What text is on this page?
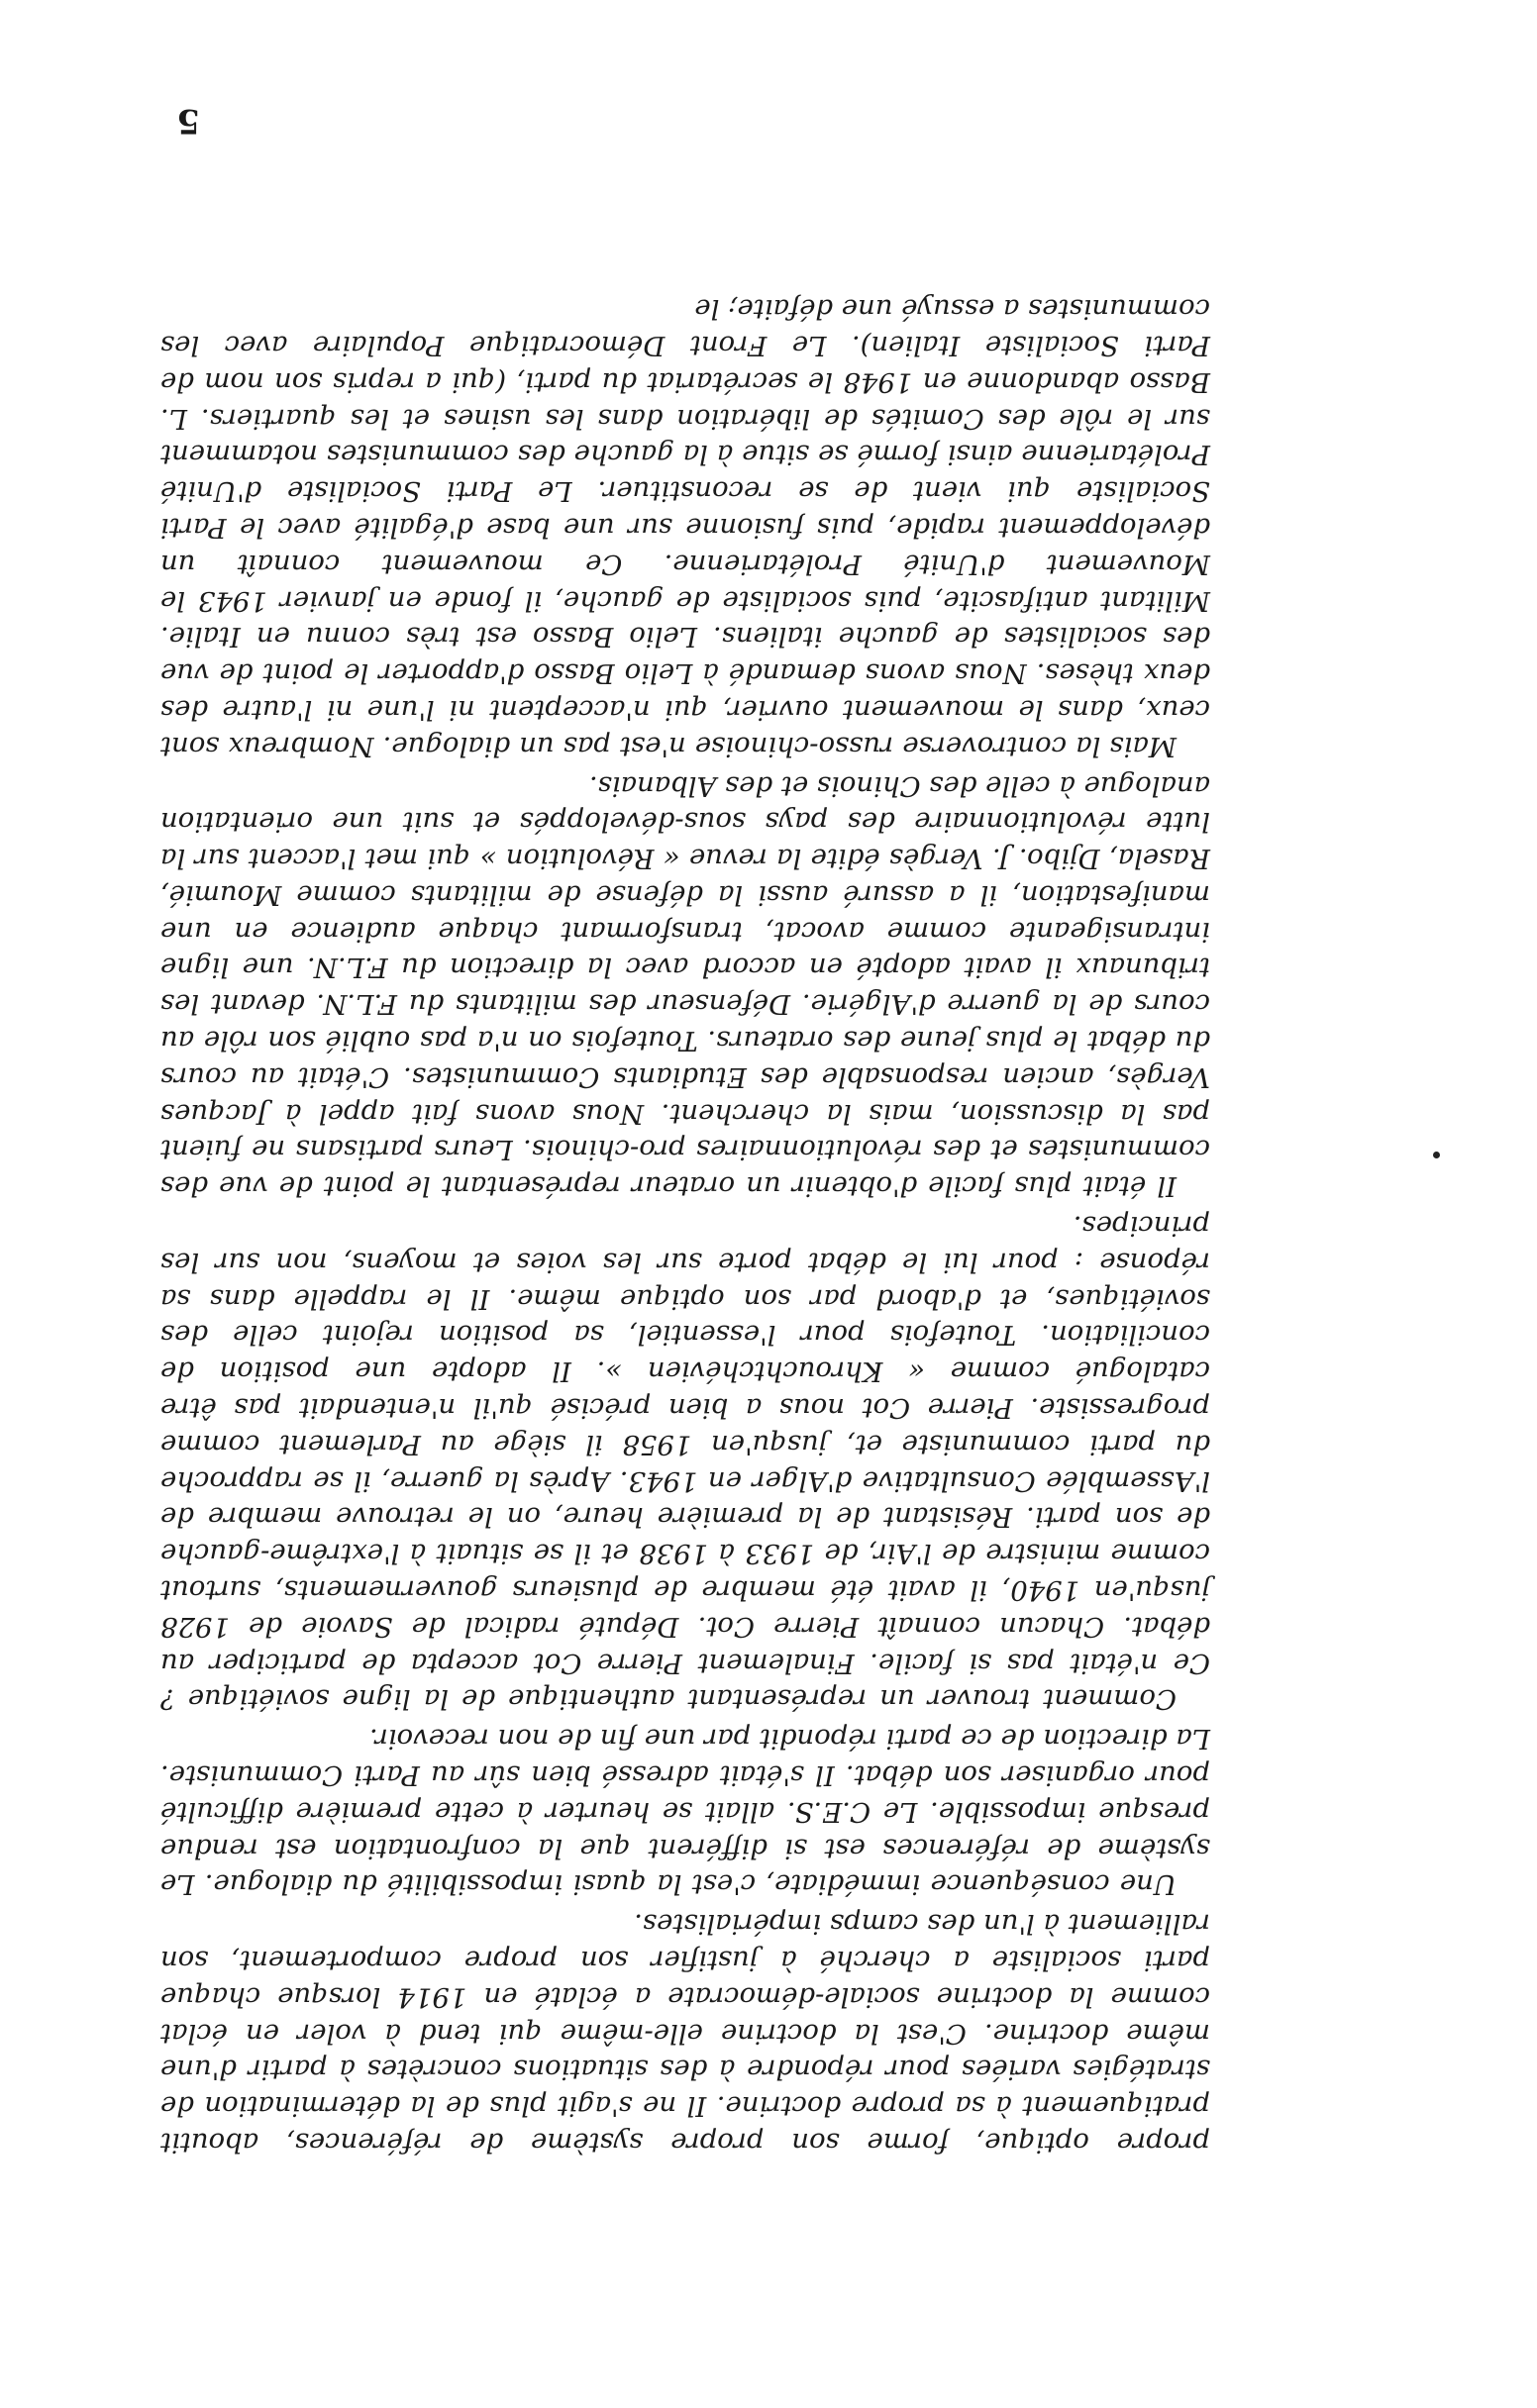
propre optique, forme son propre système de références, aboutit pratiquement à sa propre doctrine. Il ne s'agit plus de la détermination de stratégies variées pour répondre à des situations concrètes à partir d'une même doctrine. C'est la doctrine elle-même qui tend à voler en éclat comme la doctrine sociale-démocrate a éclaté en 1914 lorsque chaque parti socialiste a cherché à justifier son propre comportement, son ralliement à l'un des camps impérialistes.

Une conséquence immédiate, c'est la quasi impossibilité du dialogue. Le système de références est si différent que la confrontation est rendue presque impossible. Le C.E.S. allait se heurter à cette première difficulté pour organiser son débat. Il s'était adressé bien sûr au Parti Communiste. La direction de ce parti répondit par une fin de non recevoir.

Comment trouver un représentant authentique de la ligne soviétique ? Ce n'était pas si facile. Finalement Pierre Cot accepta de participer au débat. Chacun connaît Pierre Cot. Député radical de Savoie de 1928 jusqu'en 1940, il avait été membre de plusieurs gouvernements, surtout comme ministre de l'Air, de 1933 à 1938 et il se situait à l'extrême-gauche de son parti. Résistant de la première heure, on le retrouve membre de l'Assemblée Consultative d'Alger en 1943. Après la guerre, il se rapproche du parti communiste et, jusqu'en 1958 il siège au Parlement comme progressiste. Pierre Cot nous a bien précisé qu'il n'entendait pas être catalogué comme « Khrouchtchévien ». Il adopte une position de conciliation. Toutefois pour l'essentiel, sa position rejoint celle des soviétiques, et d'abord par son optique même. Il le rappelle dans sa réponse : pour lui le débat porte sur les voies et moyens, non sur les principes.

Il était plus facile d'obtenir un orateur représentant le point de vue des communistes et des révolutionnaires pro-chinois. Leurs partisans ne fuient pas la discussion, mais la cherchent. Nous avons fait appel à Jacques Vergès, ancien responsable des Etudiants Communistes. C'était au cours du débat le plus jeune des orateurs. Toutefois on n'a pas oublié son rôle au cours de la guerre d'Algérie. Défenseur des militants du F.L.N. devant les tribunaux il avait adopté en accord avec la direction du F.L.N. une ligne intransigeante comme avocat, transformant chaque audience en une manifestation, il a assuré aussi la défense de militants comme Moumié, Rasela, Djibo. J. Vergès édite la revue « Révolution » qui met l'accent sur la lutte révolutionnaire des pays sous-développés et suit une orientation analogue à celle des Chinois et des Albanais.

Mais la controverse russo-chinoise n'est pas un dialogue. Nombreux sont ceux, dans le mouvement ouvrier, qui n'acceptent ni l'une ni l'autre des deux thèses. Nous avons demandé à Lelio Basso d'apporter le point de vue des socialistes de gauche italiens. Lelio Basso est très connu en Italie. Militant antifascite, puis socialiste de gauche, il fonde en janvier 1943 le Mouvement d'Unité Prolétarienne. Ce mouvement connaît un développement rapide, puis fusionne sur une base d'égalité avec le Parti Socialiste qui vient de se reconstituer. Le Parti Socialiste d'Unité Prolétarienne ainsi formé se situe à la gauche des communistes notamment sur le rôle des Comités de libération dans les usines et les quartiers. L. Basso abandonne en 1948 le secrétariat du parti, (qui a repris son nom de Parti Socialiste Italien). Le Front Démocratique Populaire avec les communistes a essuyé une défaite; le

5
